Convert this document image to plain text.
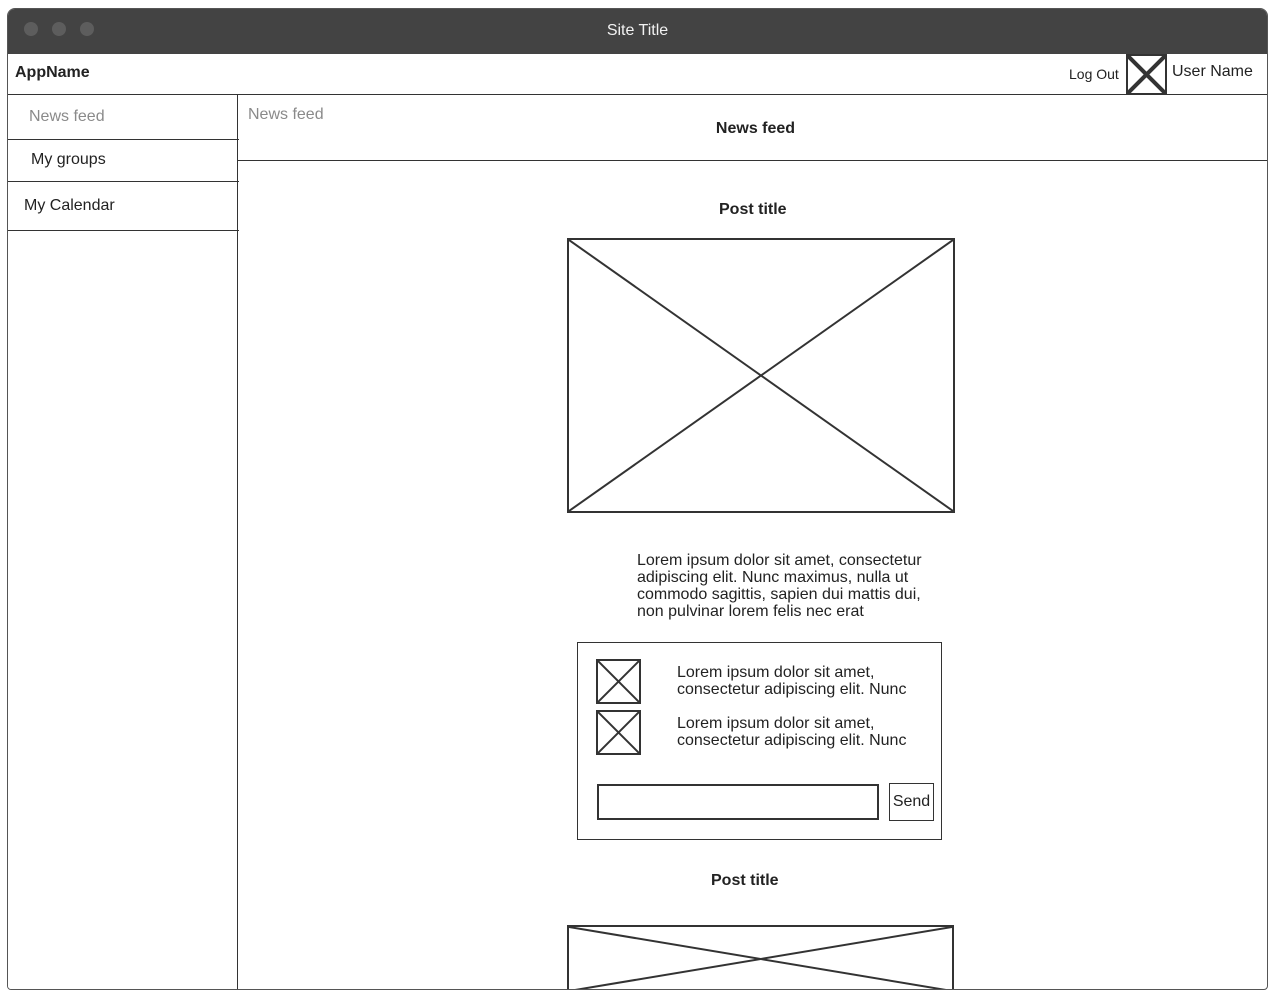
Site Title
AppName	Log Out	User Name
News feed
My groups
My Calendar
News feed
News feed
Post title
Lorem ipsum dolor sit amet, consectetur adipiscing elit. Nunc maximus, nulla ut commodo sagittis, sapien dui mattis dui, non pulvinar lorem felis nec erat
Lorem ipsum dolor sit amet, consectetur adipiscing elit. Nunc
Lorem ipsum dolor sit amet, consectetur adipiscing elit. Nunc
Send
Post title
